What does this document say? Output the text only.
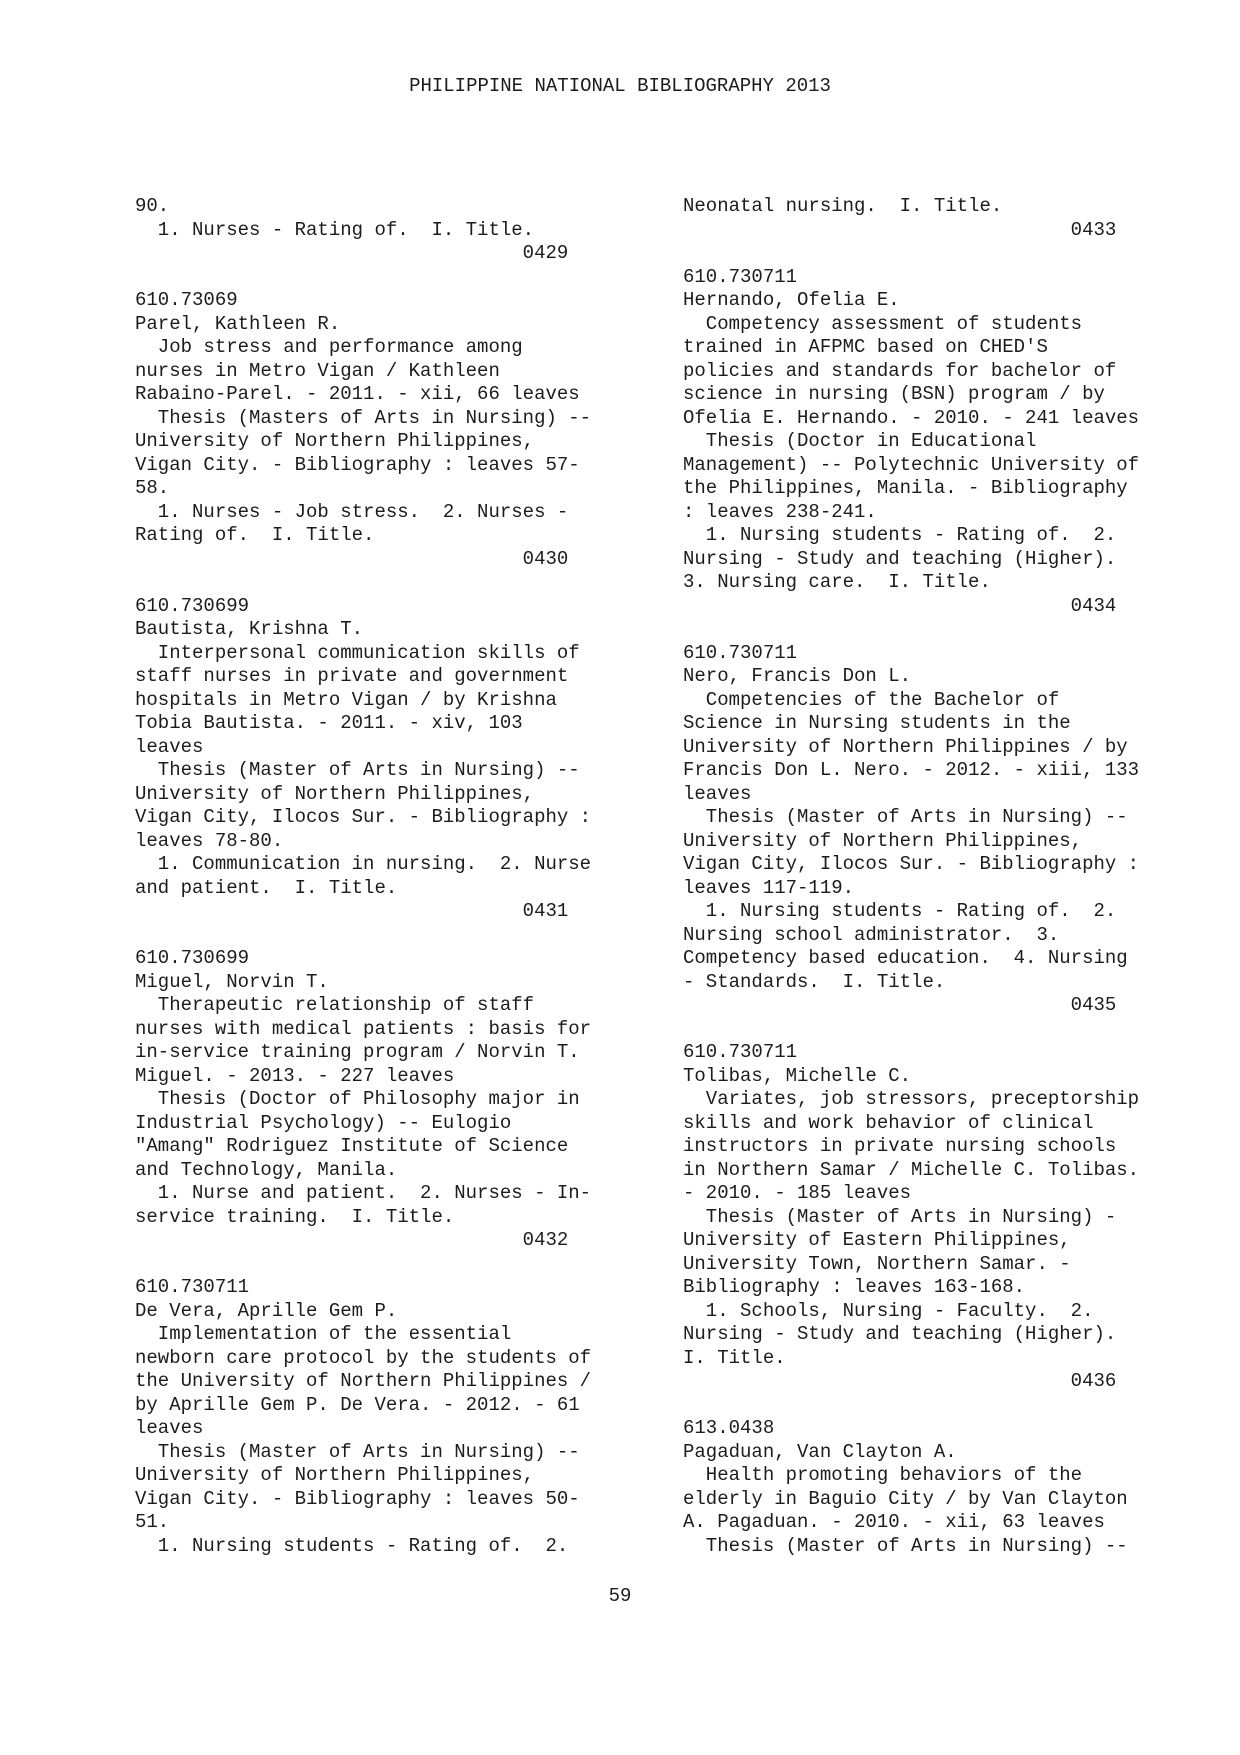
PHILIPPINE NATIONAL BIBLIOGRAPHY 2013
90.
1. Nurses - Rating of.  I. Title.
0429
610.73069
Parel, Kathleen R.
Job stress and performance among
nurses in Metro Vigan / Kathleen
Rabaino-Parel. - 2011. - xii, 66 leaves
Thesis (Masters of Arts in Nursing) --
University of Northern Philippines,
Vigan City. - Bibliography : leaves 57-
58.
1. Nurses - Job stress.  2. Nurses -
Rating of.  I. Title.
0430
610.730699
Bautista, Krishna T.
Interpersonal communication skills of
staff nurses in private and government
hospitals in Metro Vigan / by Krishna
Tobia Bautista. - 2011. - xiv, 103
leaves
Thesis (Master of Arts in Nursing) --
University of Northern Philippines,
Vigan City, Ilocos Sur. - Bibliography :
leaves 78-80.
1. Communication in nursing.  2. Nurse
and patient.  I. Title.
0431
610.730699
Miguel, Norvin T.
Therapeutic relationship of staff
nurses with medical patients : basis for
in-service training program / Norvin T.
Miguel. - 2013. - 227 leaves
Thesis (Doctor of Philosophy major in
Industrial Psychology) -- Eulogio
"Amang" Rodriguez Institute of Science
and Technology, Manila.
1. Nurse and patient.  2. Nurses - In-
service training.  I. Title.
0432
610.730711
De Vera, Aprille Gem P.
Implementation of the essential
newborn care protocol by the students of
the University of Northern Philippines /
by Aprille Gem P. De Vera. - 2012. - 61
leaves
Thesis (Master of Arts in Nursing) --
University of Northern Philippines,
Vigan City. - Bibliography : leaves 50-
51.
1. Nursing students - Rating of.  2.
Neonatal nursing.  I. Title.
0433
610.730711
Hernando, Ofelia E.
Competency assessment of students
trained in AFPMC based on CHED'S
policies and standards for bachelor of
science in nursing (BSN) program / by
Ofelia E. Hernando. - 2010. - 241 leaves
Thesis (Doctor in Educational
Management) -- Polytechnic University of
the Philippines, Manila. - Bibliography
: leaves 238-241.
1. Nursing students - Rating of.  2.
Nursing - Study and teaching (Higher).
3. Nursing care.  I. Title.
0434
610.730711
Nero, Francis Don L.
Competencies of the Bachelor of
Science in Nursing students in the
University of Northern Philippines / by
Francis Don L. Nero. - 2012. - xiii, 133
leaves
Thesis (Master of Arts in Nursing) --
University of Northern Philippines,
Vigan City, Ilocos Sur. - Bibliography :
leaves 117-119.
1. Nursing students - Rating of.  2.
Nursing school administrator.  3.
Competency based education.  4. Nursing
- Standards.  I. Title.
0435
610.730711
Tolibas, Michelle C.
Variates, job stressors, preceptorship
skills and work behavior of clinical
instructors in private nursing schools
in Northern Samar / Michelle C. Tolibas.
- 2010. - 185 leaves
Thesis (Master of Arts in Nursing) -
University of Eastern Philippines,
University Town, Northern Samar. -
Bibliography : leaves 163-168.
1. Schools, Nursing - Faculty.  2.
Nursing - Study and teaching (Higher).
I. Title.
0436
613.0438
Pagaduan, Van Clayton A.
Health promoting behaviors of the
elderly in Baguio City / by Van Clayton
A. Pagaduan. - 2010. - xii, 63 leaves
Thesis (Master of Arts in Nursing) --
59
